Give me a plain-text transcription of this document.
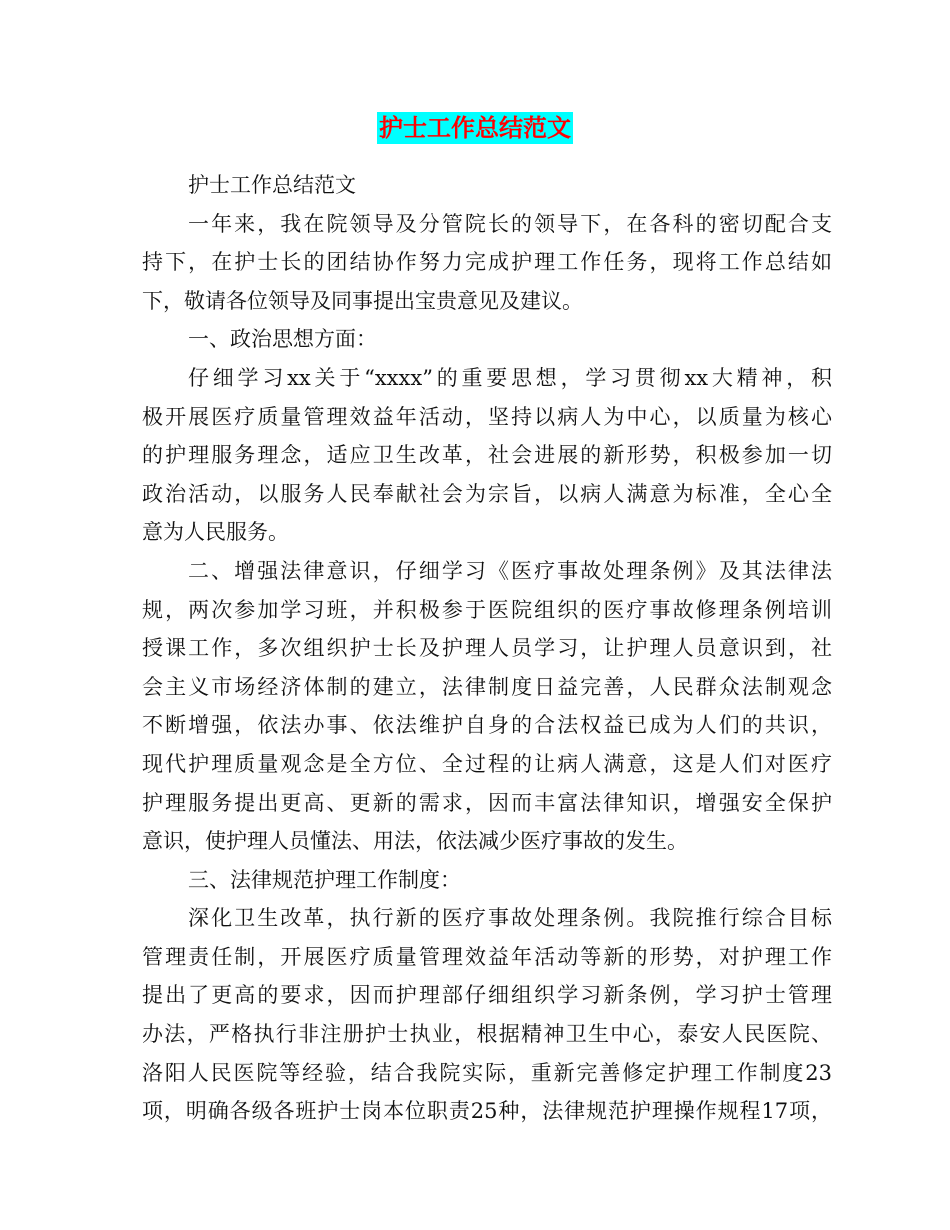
护士工作总结范文
护士工作总结范文
一年来，我在院领导及分管院长的领导下，在各科的密切配合支
持下，在护士长的团结协作努力完成护理工作任务，现将工作总结如
下，敬请各位领导及同事提出宝贵意见及建议。
一、政治思想方面：
仔细学习xx关于“xxxx”的重要思想，学习贯彻xx大精神，积
极开展医疗质量管理效益年活动，坚持以病人为中心，以质量为核心
的护理服务理念，适应卫生改革，社会进展的新形势，积极参加一切
政治活动，以服务人民奉献社会为宗旨，以病人满意为标准，全心全
意为人民服务。
二、增强法律意识，仔细学习《医疗事故处理条例》及其法律法
规，两次参加学习班，并积极参于医院组织的医疗事故修理条例培训
授课工作，多次组织护士长及护理人员学习，让护理人员意识到，社
会主义市场经济体制的建立，法律制度日益完善，人民群众法制观念
不断增强，依法办事、依法维护自身的合法权益已成为人们的共识，
现代护理质量观念是全方位、全过程的让病人满意，这是人们对医疗
护理服务提出更高、更新的需求，因而丰富法律知识，增强安全保护
意识，使护理人员懂法、用法，依法减少医疗事故的发生。
三、法律规范护理工作制度：
深化卫生改革，执行新的医疗事故处理条例。我院推行综合目标
管理责任制，开展医疗质量管理效益年活动等新的形势，对护理工作
提出了更高的要求，因而护理部仔细组织学习新条例，学习护士管理
办法，严格执行非注册护士执业，根据精神卫生中心，泰安人民医院、
洛阳人民医院等经验，结合我院实际，重新完善修定护理工作制度23
项，明确各级各班护士岗本位职责25种，法律规范护理操作规程17项，
